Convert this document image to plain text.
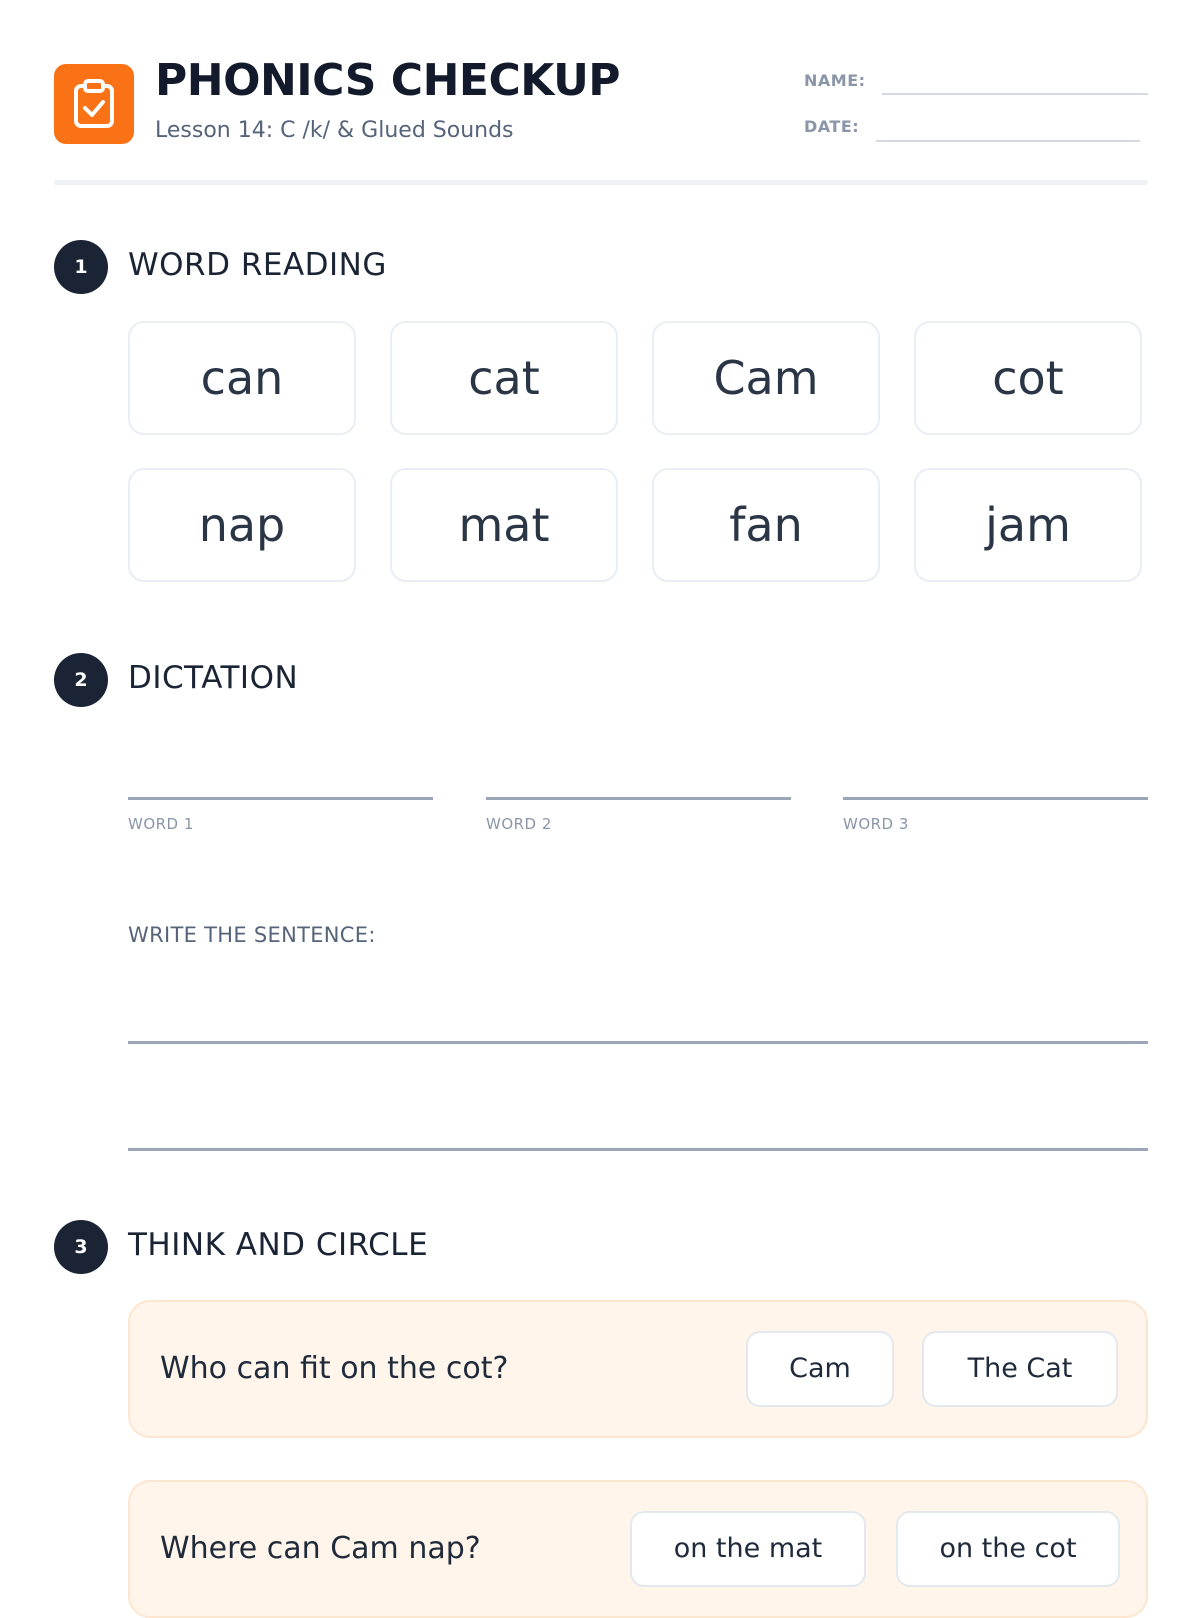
PHONICS CHECKUP
Lesson 14: C /k/ & Glued Sounds
NAME:
DATE:
1	WORD READING
can	cat	Cam	cot
nap	mat	fan	jam
2	DICTATION
WORD 1	WORD 2	WORD 3
WRITE THE SENTENCE:
3	THINK AND CIRCLE
Who can fit on the cot?	Cam	The Cat
Where can Cam nap?	on the mat	on the cot
